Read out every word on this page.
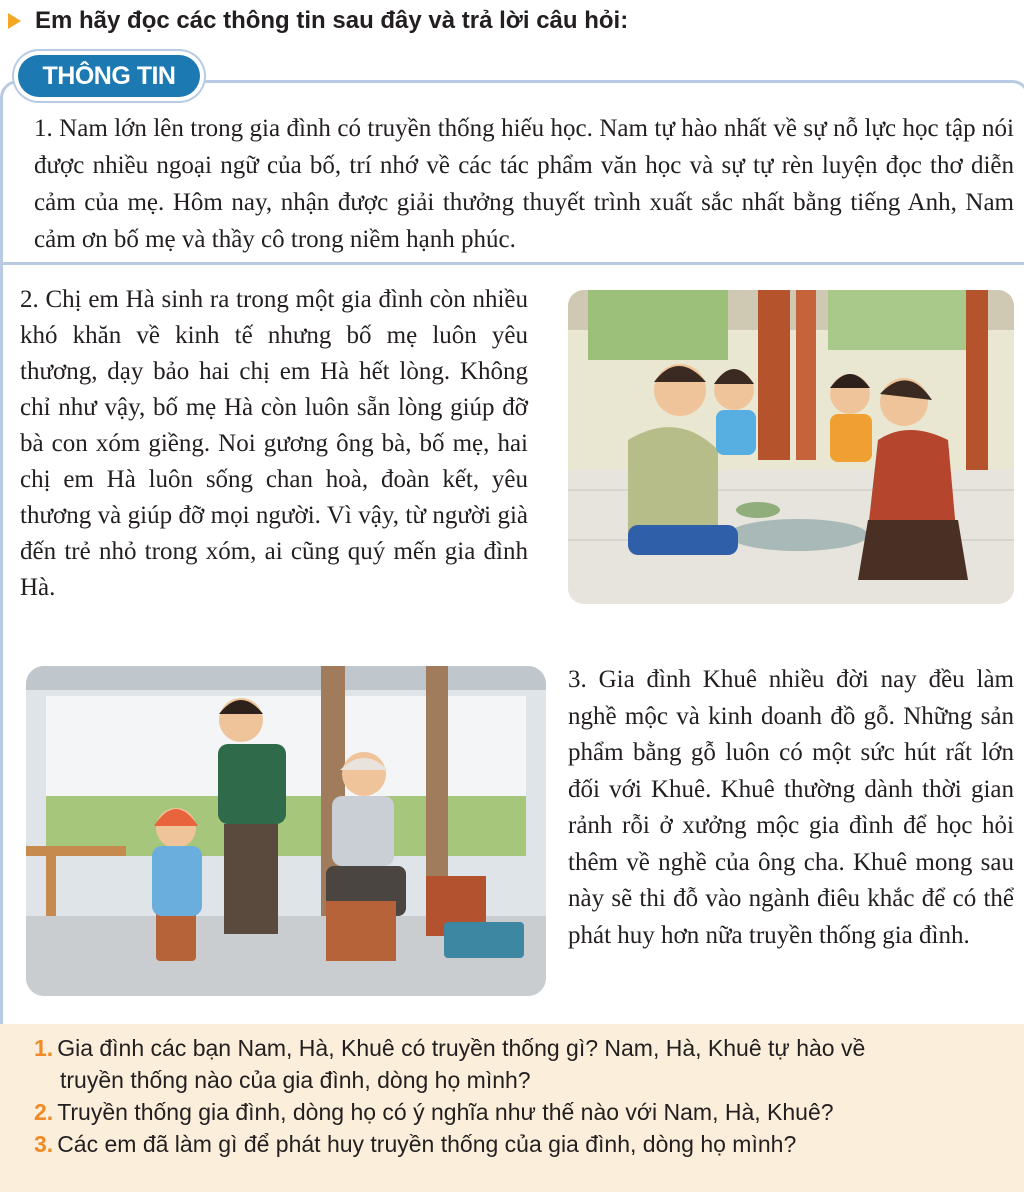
Em hãy đọc các thông tin sau đây và trả lời câu hỏi:
THÔNG TIN

1. Nam lớn lên trong gia đình có truyền thống hiếu học. Nam tự hào nhất về sự nỗ lực học tập nói được nhiều ngoại ngữ của bố, trí nhớ về các tác phẩm văn học và sự tự rèn luyện đọc thơ diễn cảm của mẹ. Hôm nay, nhận được giải thưởng thuyết trình xuất sắc nhất bằng tiếng Anh, Nam cảm ơn bố mẹ và thầy cô trong niềm hạnh phúc.

2. Chị em Hà sinh ra trong một gia đình còn nhiều khó khăn về kinh tế nhưng bố mẹ luôn yêu thương, dạy bảo hai chị em Hà hết lòng. Không chỉ như vậy, bố mẹ Hà còn luôn sẵn lòng giúp đỡ bà con xóm giềng. Noi gương ông bà, bố mẹ, hai chị em Hà luôn sống chan hoà, đoàn kết, yêu thương và giúp đỡ mọi người. Vì vậy, từ người già đến trẻ nhỏ trong xóm, ai cũng quý mến gia đình Hà.

3. Gia đình Khuê nhiều đời nay đều làm nghề mộc và kinh doanh đồ gỗ. Những sản phẩm bằng gỗ luôn có một sức hút rất lớn đối với Khuê. Khuê thường dành thời gian rảnh rỗi ở xưởng mộc gia đình để học hỏi thêm về nghề của ông cha. Khuê mong sau này sẽ thi đỗ vào ngành điêu khắc để có thể phát huy hơn nữa truyền thống gia đình.

1. Gia đình các bạn Nam, Hà, Khuê có truyền thống gì? Nam, Hà, Khuê tự hào về
truyền thống nào của gia đình, dòng họ mình?
2. Truyền thống gia đình, dòng họ có ý nghĩa như thế nào với Nam, Hà, Khuê?
3. Các em đã làm gì để phát huy truyền thống của gia đình, dòng họ mình?
